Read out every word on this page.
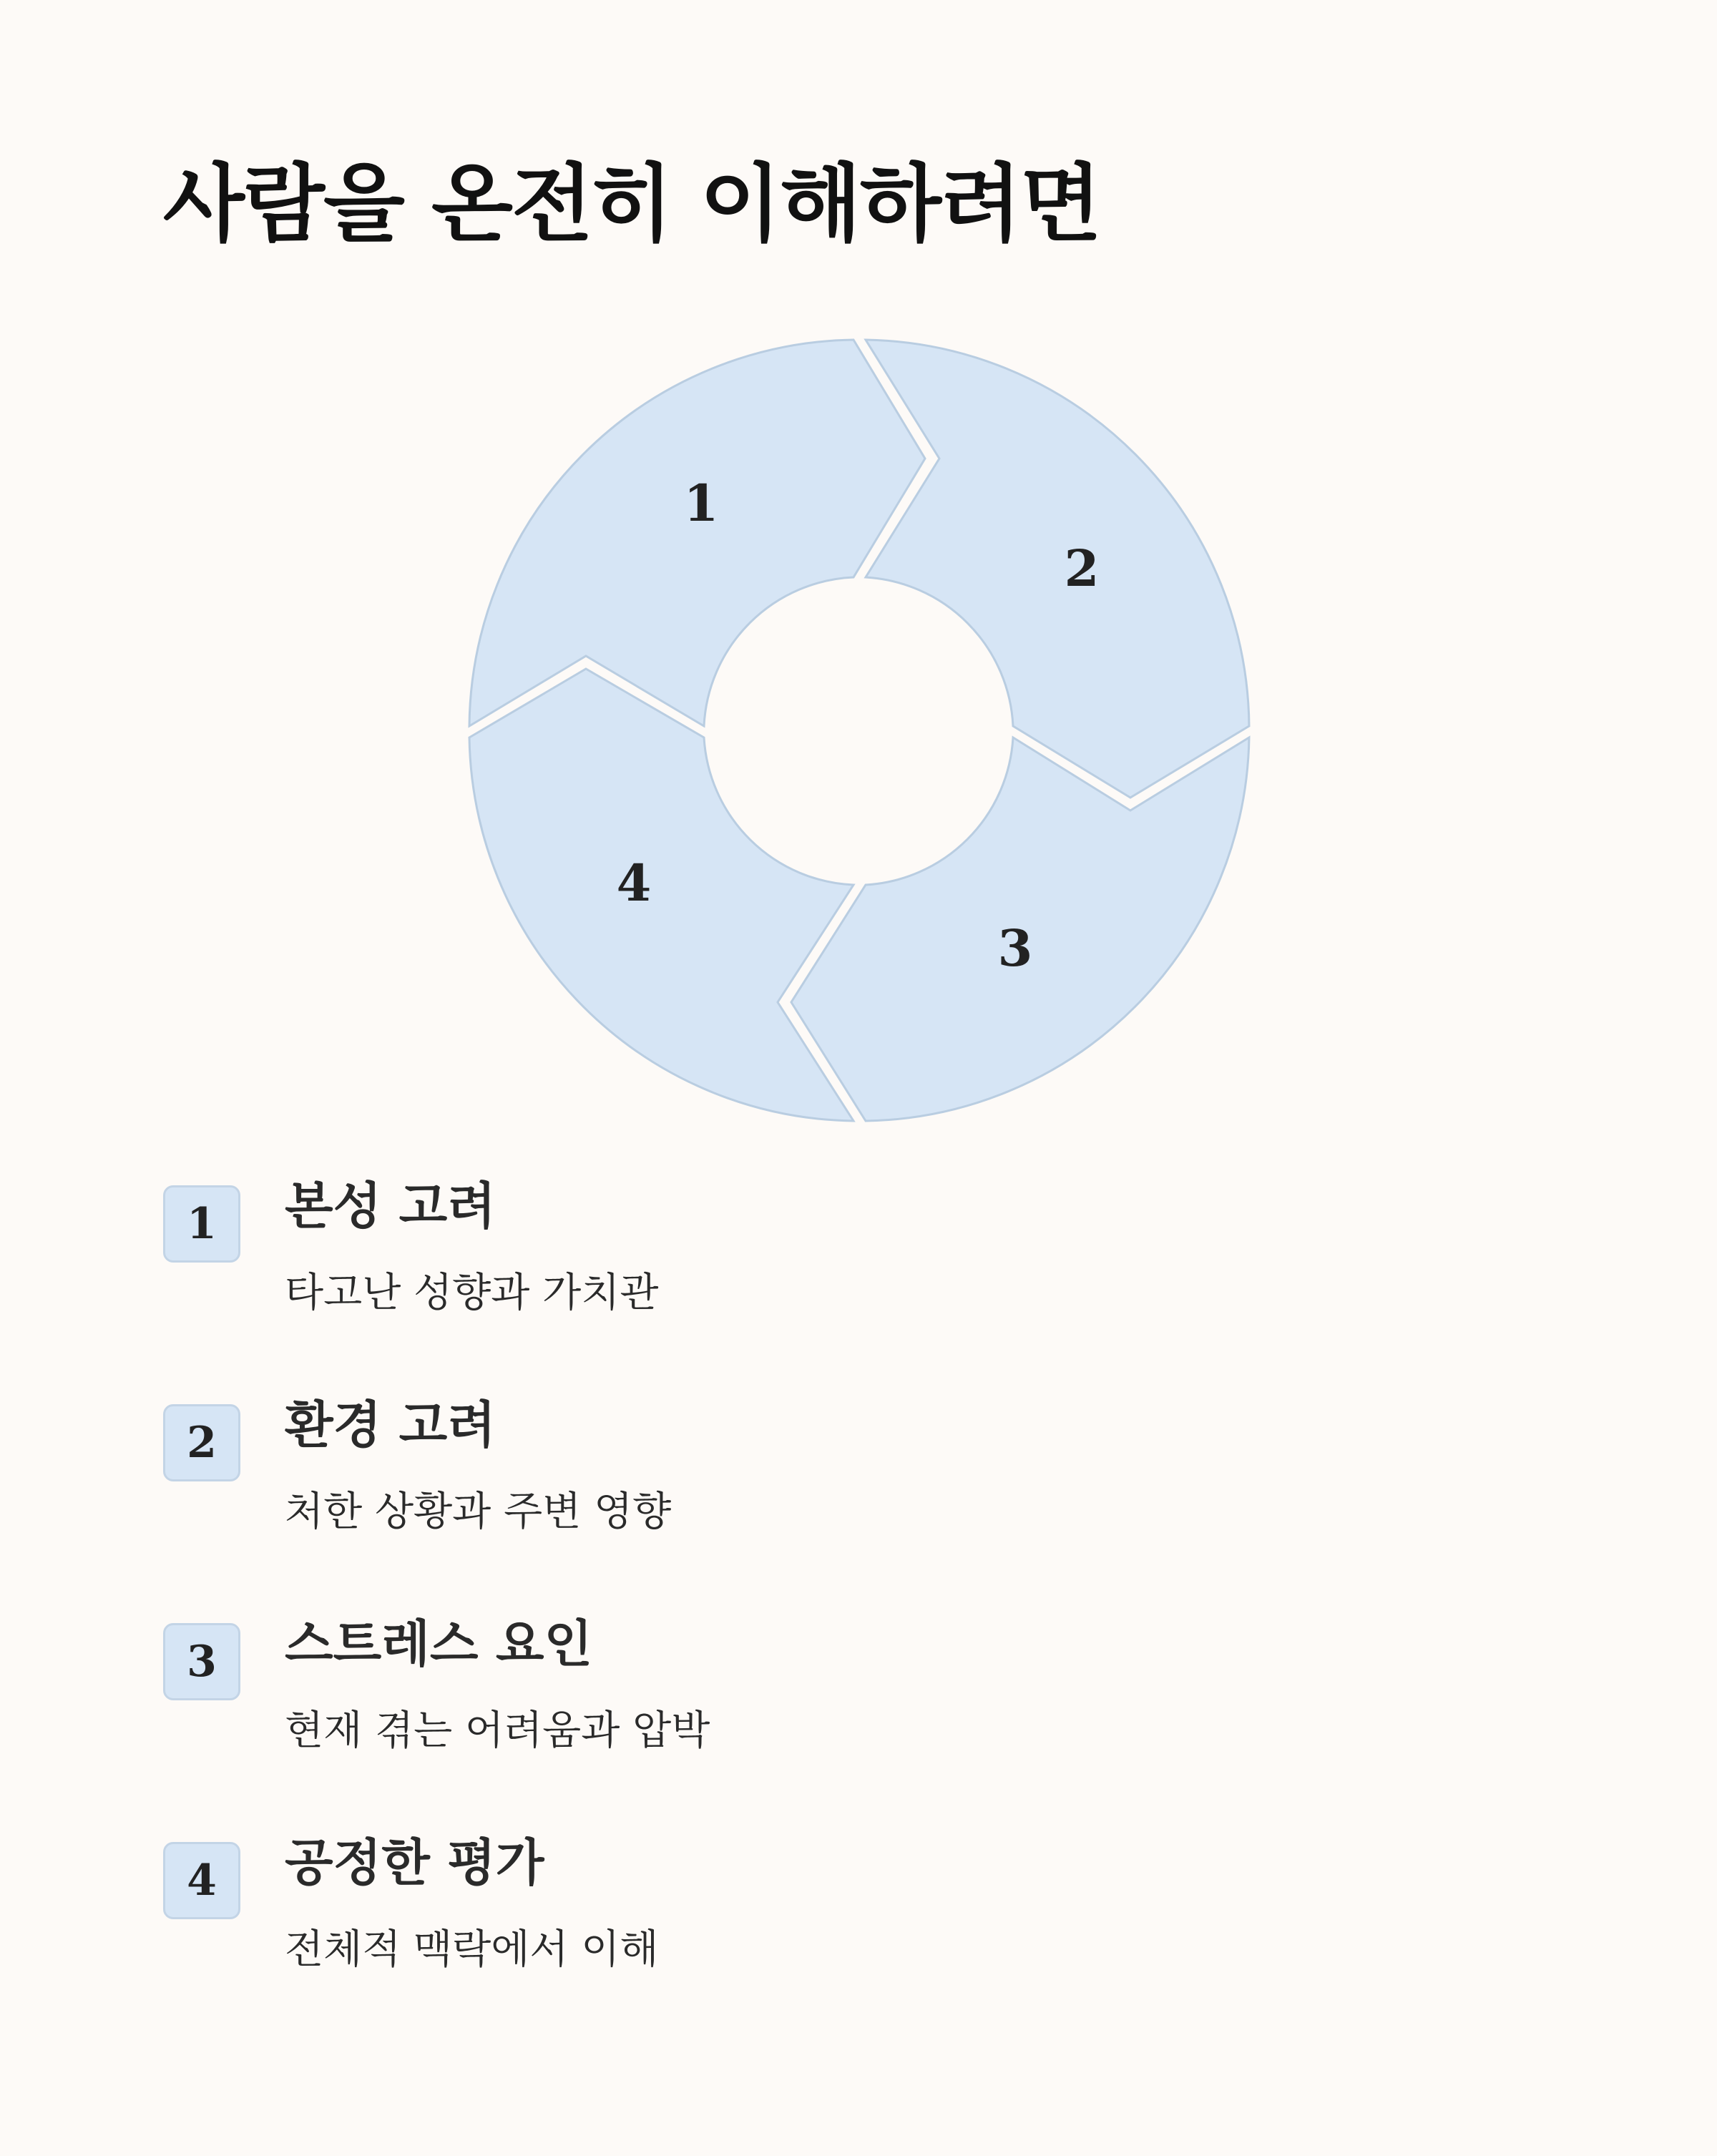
사람을 온전히 이해하려면
1
2
3
4
1	본성 고려
타고난 성향과 가치관
2	환경 고려
처한 상황과 주변 영향
3	스트레스 요인
현재 겪는 어려움과 압박
4	공정한 평가
전체적 맥락에서 이해
